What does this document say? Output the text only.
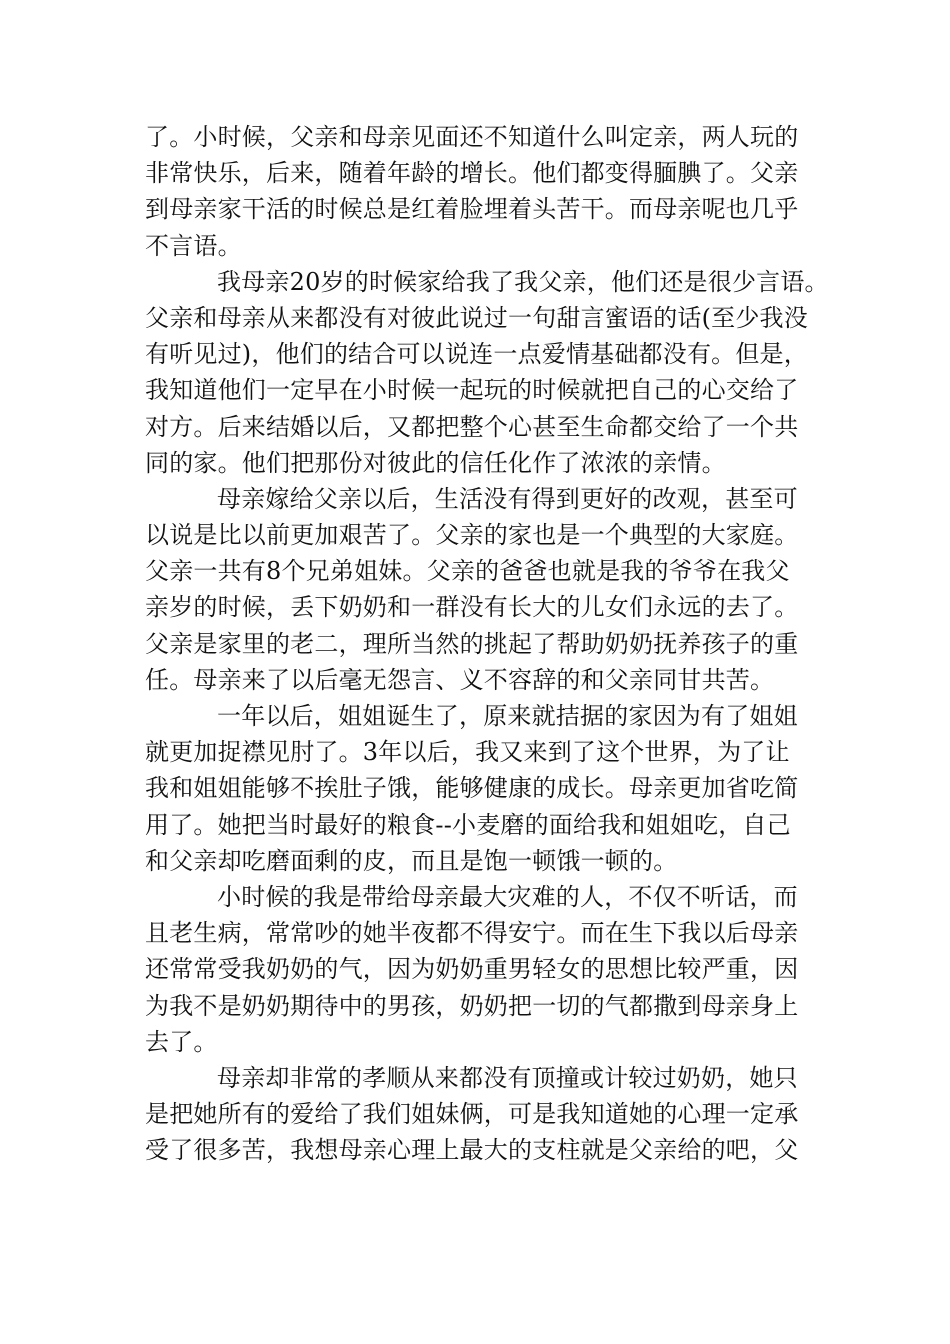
了。小时候，父亲和母亲见面还不知道什么叫定亲，两人玩的
非常快乐，后来，随着年龄的增长。他们都变得腼腆了。父亲
到母亲家干活的时候总是红着脸埋着头苦干。而母亲呢也几乎
不言语。
我母亲20岁的时候家给我了我父亲，他们还是很少言语。
父亲和母亲从来都没有对彼此说过一句甜言蜜语的话(至少我没
有听见过)，他们的结合可以说连一点爱情基础都没有。但是，
我知道他们一定早在小时候一起玩的时候就把自己的心交给了
对方。后来结婚以后，又都把整个心甚至生命都交给了一个共
同的家。他们把那份对彼此的信任化作了浓浓的亲情。
母亲嫁给父亲以后，生活没有得到更好的改观，甚至可
以说是比以前更加艰苦了。父亲的家也是一个典型的大家庭。
父亲一共有8个兄弟姐妹。父亲的爸爸也就是我的爷爷在我父
亲岁的时候，丢下奶奶和一群没有长大的儿女们永远的去了。
父亲是家里的老二，理所当然的挑起了帮助奶奶抚养孩子的重
任。母亲来了以后毫无怨言、义不容辞的和父亲同甘共苦。
一年以后，姐姐诞生了，原来就拮据的家因为有了姐姐
就更加捉襟见肘了。3年以后，我又来到了这个世界，为了让
我和姐姐能够不挨肚子饿，能够健康的成长。母亲更加省吃简
用了。她把当时最好的粮食--小麦磨的面给我和姐姐吃，自己
和父亲却吃磨面剩的皮，而且是饱一顿饿一顿的。
小时候的我是带给母亲最大灾难的人，不仅不听话，而
且老生病，常常吵的她半夜都不得安宁。而在生下我以后母亲
还常常受我奶奶的气，因为奶奶重男轻女的思想比较严重，因
为我不是奶奶期待中的男孩，奶奶把一切的气都撒到母亲身上
去了。
母亲却非常的孝顺从来都没有顶撞或计较过奶奶，她只
是把她所有的爱给了我们姐妹俩，可是我知道她的心理一定承
受了很多苦，我想母亲心理上最大的支柱就是父亲给的吧，父
